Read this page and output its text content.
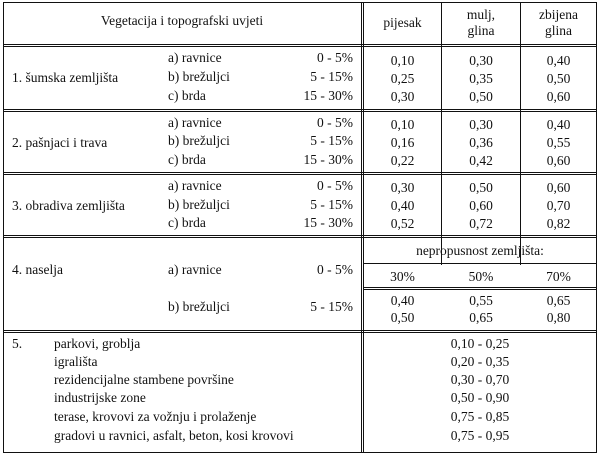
Vegetacija i topografski uvjeti	pijesak
mulj,
glina
zbijena
glina
1. šumska zemljišta
a) ravnice	0 - 5%	0,10	0,30	0,40
b) brežuljci	5 - 15%	0,25	0,35	0,50
c) brda	15 - 30%	0,30	0,50	0,60
2. pašnjaci i trava
a) ravnice	0 - 5%	0,10	0,30	0,40
b) brežuljci	5 - 15%	0,16	0,36	0,55
c) brda	15 - 30%	0,22	0,42	0,60
3. obradiva zemljišta
a) ravnice	0 - 5%	0,30	0,50	0,60
b) brežuljci	5 - 15%	0,40	0,60	0,70
c) brda	15 - 30%	0,52	0,72	0,82
4. naselja	a) ravnice	0 - 5%
nepropusnost zemljišta:
30%	50%	70%
b) brežuljci	5 - 15%	0,40	0,55	0,65
0,50	0,65	0,80
5. parkovi, groblja	0,10 - 0,25
igrališta	0,20 - 0,35
rezidencijalne stambene površine	0,30 - 0,70
industrijske zone	0,50 - 0,90
terase, krovovi za vožnju i prolaženje	0,75 - 0,85
gradovi u ravnici, asfalt, beton, kosi krovovi	0,75 - 0,95
